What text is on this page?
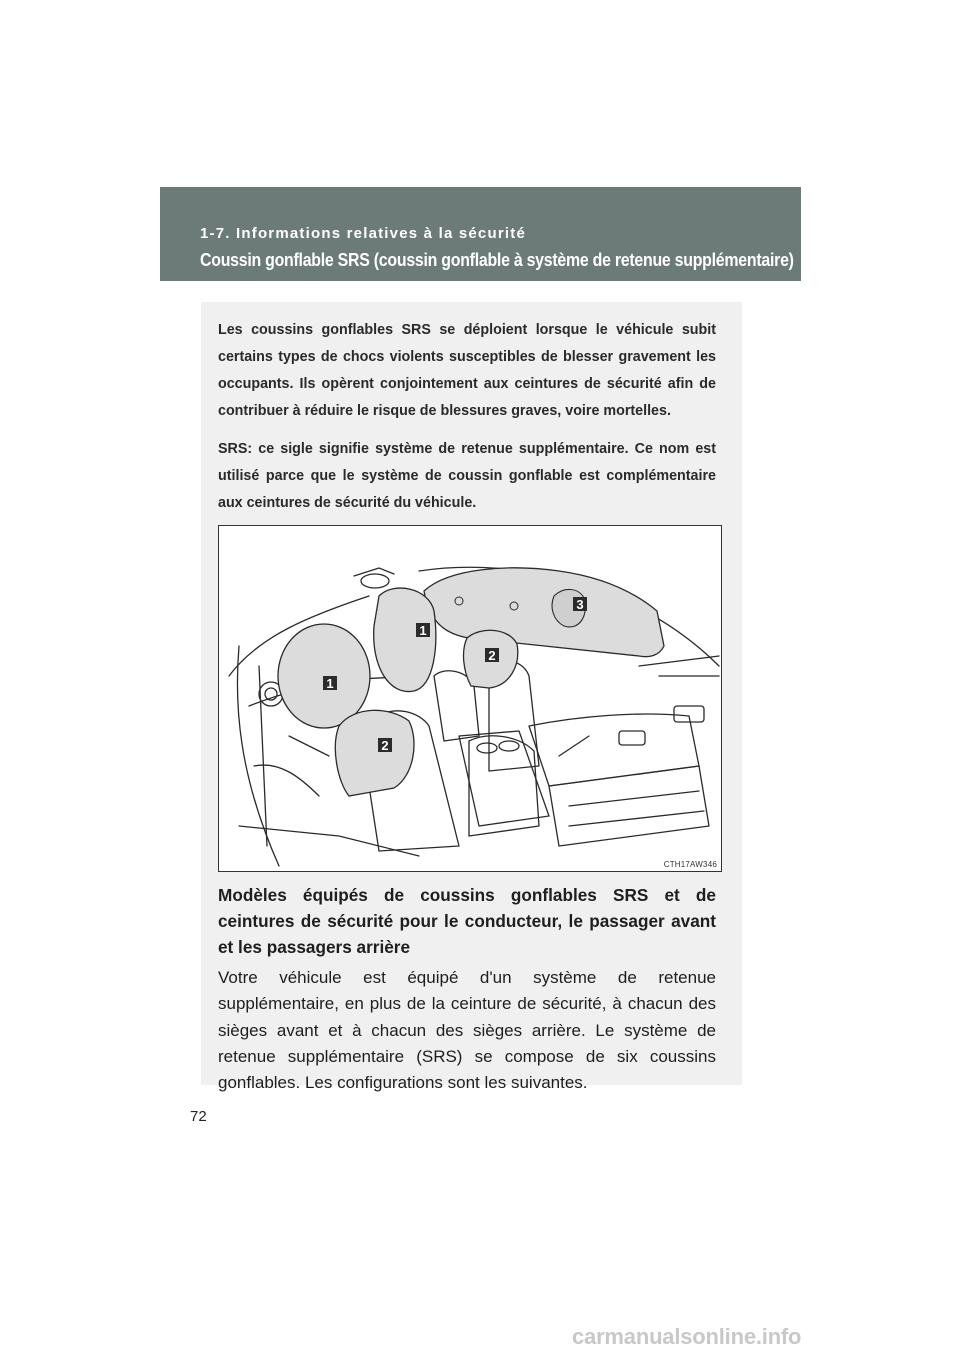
1-7. Informations relatives à la sécurité
Coussin gonflable SRS (coussin gonflable à système de retenue supplémentaire)

Les coussins gonflables SRS se déploient lorsque le véhicule subit certains types de chocs violents susceptibles de blesser gravement les occupants. Ils opèrent conjointement aux ceintures de sécurité afin de contribuer à réduire le risque de blessures graves, voire mortelles.

SRS: ce sigle signifie système de retenue supplémentaire. Ce nom est utilisé parce que le système de coussin gonflable est complémentaire aux ceintures de sécurité du véhicule.

1
1
2
2
3
CTH17AW346

Modèles équipés de coussins gonflables SRS et de ceintures de sécurité pour le conducteur, le passager avant et les passagers arrière

Votre véhicule est équipé d'un système de retenue supplémentaire, en plus de la ceinture de sécurité, à chacun des sièges avant et à chacun des sièges arrière. Le système de retenue supplémentaire (SRS) se compose de six coussins gonflables. Les configurations sont les suivantes.

72
carmanualsonline.info
